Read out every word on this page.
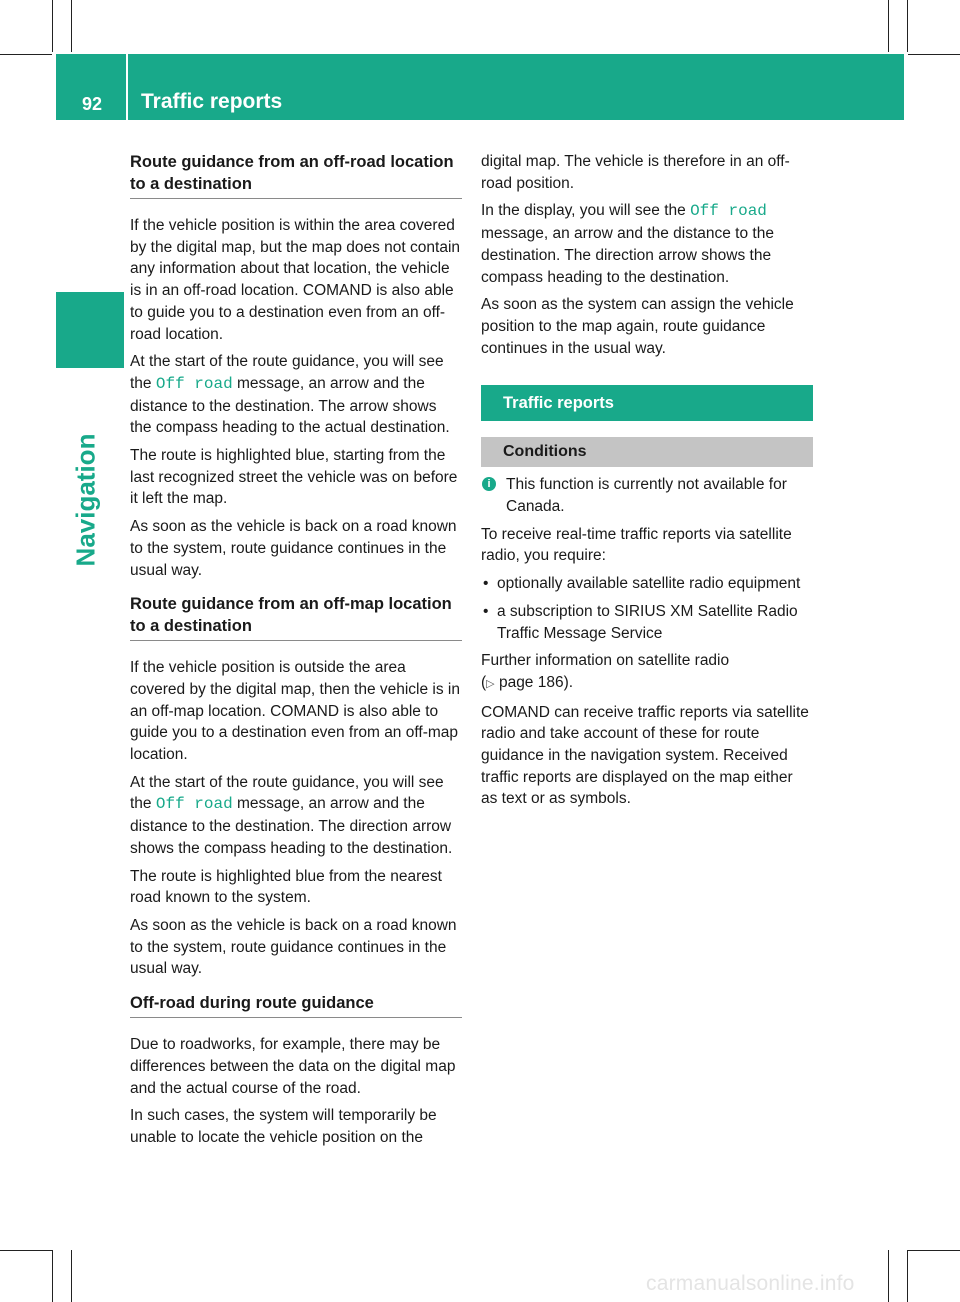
92 Traffic reports
Navigation
Route guidance from an off-road location to a destination

If the vehicle position is within the area covered by the digital map, but the map does not contain any information about that location, the vehicle is in an off-road location. COMAND is also able to guide you to a destination even from an off-road location.

At the start of the route guidance, you will see the Off road message, an arrow and the distance to the destination. The arrow shows the compass heading to the actual destination.

The route is highlighted blue, starting from the last recognized street the vehicle was on before it left the map.

As soon as the vehicle is back on a road known to the system, route guidance continues in the usual way.

Route guidance from an off-map location to a destination

If the vehicle position is outside the area covered by the digital map, then the vehicle is in an off-map location. COMAND is also able to guide you to a destination even from an off-map location.

At the start of the route guidance, you will see the Off road message, an arrow and the distance to the destination. The direction arrow shows the compass heading to the destination.

The route is highlighted blue from the nearest road known to the system.

As soon as the vehicle is back on a road known to the system, route guidance continues in the usual way.

Off-road during route guidance

Due to roadworks, for example, there may be differences between the data on the digital map and the actual course of the road.

In such cases, the system will temporarily be unable to locate the vehicle position on the

digital map. The vehicle is therefore in an off-road position.

In the display, you will see the Off road message, an arrow and the distance to the destination. The direction arrow shows the compass heading to the destination.

As soon as the system can assign the vehicle position to the map again, route guidance continues in the usual way.

Traffic reports
Conditions
i This function is currently not available for Canada.

To receive real-time traffic reports via satellite radio, you require:

• optionally available satellite radio equipment

• a subscription to SIRIUS XM Satellite Radio Traffic Message Service

Further information on satellite radio
(▷ page 186).

COMAND can receive traffic reports via satellite radio and take account of these for route guidance in the navigation system. Received traffic reports are displayed on the map either as text or as symbols.

carmanualsonline.info
